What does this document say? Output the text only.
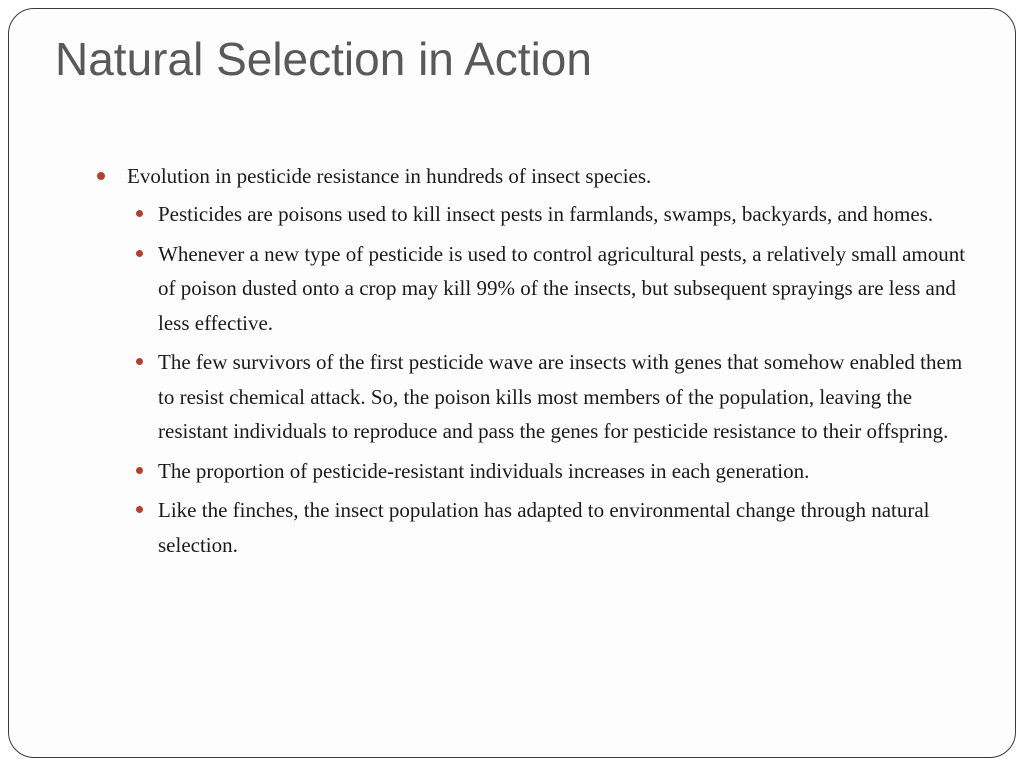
Natural Selection in Action
Evolution in pesticide resistance in hundreds of insect species.
Pesticides are poisons used to kill insect pests in farmlands, swamps, backyards, and homes.
Whenever a new type of pesticide is used to control agricultural pests, a relatively small amount of poison dusted onto a crop may kill 99% of the insects, but subsequent sprayings are less and less effective.
The few survivors of the first pesticide wave are insects with genes that somehow enabled them to resist chemical attack. So, the poison kills most members of the population, leaving the resistant individuals to reproduce and pass the genes for pesticide resistance to their offspring.
The proportion of pesticide-resistant individuals increases in each generation.
Like the finches, the insect population has adapted to environmental change through natural selection.
